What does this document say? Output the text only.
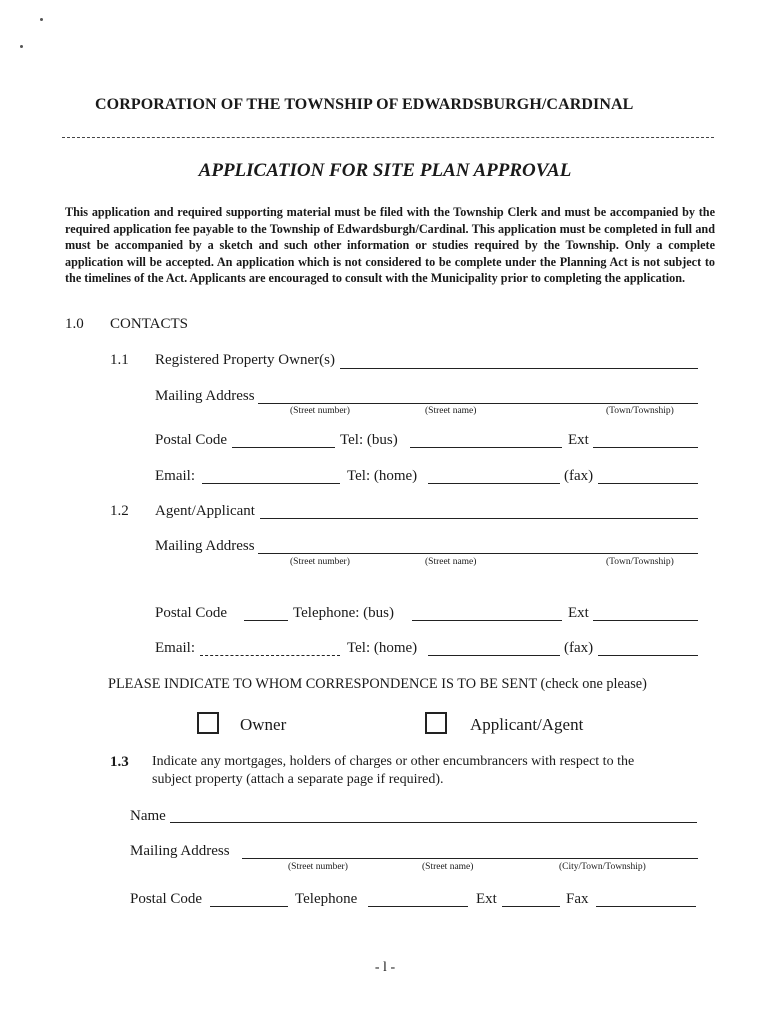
CORPORATION OF THE TOWNSHIP OF EDWARDSBURGH/CARDINAL
APPLICATION FOR SITE PLAN APPROVAL
This application and required supporting material must be filed with the Township Clerk and must be accompanied by the required application fee payable to the Township of Edwardsburgh/Cardinal. This application must be completed in full and must be accompanied by a sketch and such other information or studies required by the Township. Only a complete application will be accepted. An application which is not considered to be complete under the Planning Act is not subject to the timelines of the Act. Applicants are encouraged to consult with the Municipality prior to completing the application.
1.0 CONTACTS
1.1 Registered Property Owner(s)
Mailing Address
(Street number)	(Street name)	(Town/Township)
Postal Code	Tel: (bus)	Ext
Email:	Tel: (home)	(fax)
1.2 Agent/Applicant
Mailing Address
(Street number)	(Street name)	(Town/Township)
Postal Code	Telephone: (bus)	Ext
Email:	Tel: (home)	(fax)
PLEASE INDICATE TO WHOM CORRESPONDENCE IS TO BE SENT (check one please)
Owner	Applicant/Agent
1.3 Indicate any mortgages, holders of charges or other encumbrancers with respect to the
subject property (attach a separate page if required).
Name
Mailing Address
(Street number)	(Street name)	(City/Town/Township)
Postal Code	Telephone	Ext	Fax
- l -
